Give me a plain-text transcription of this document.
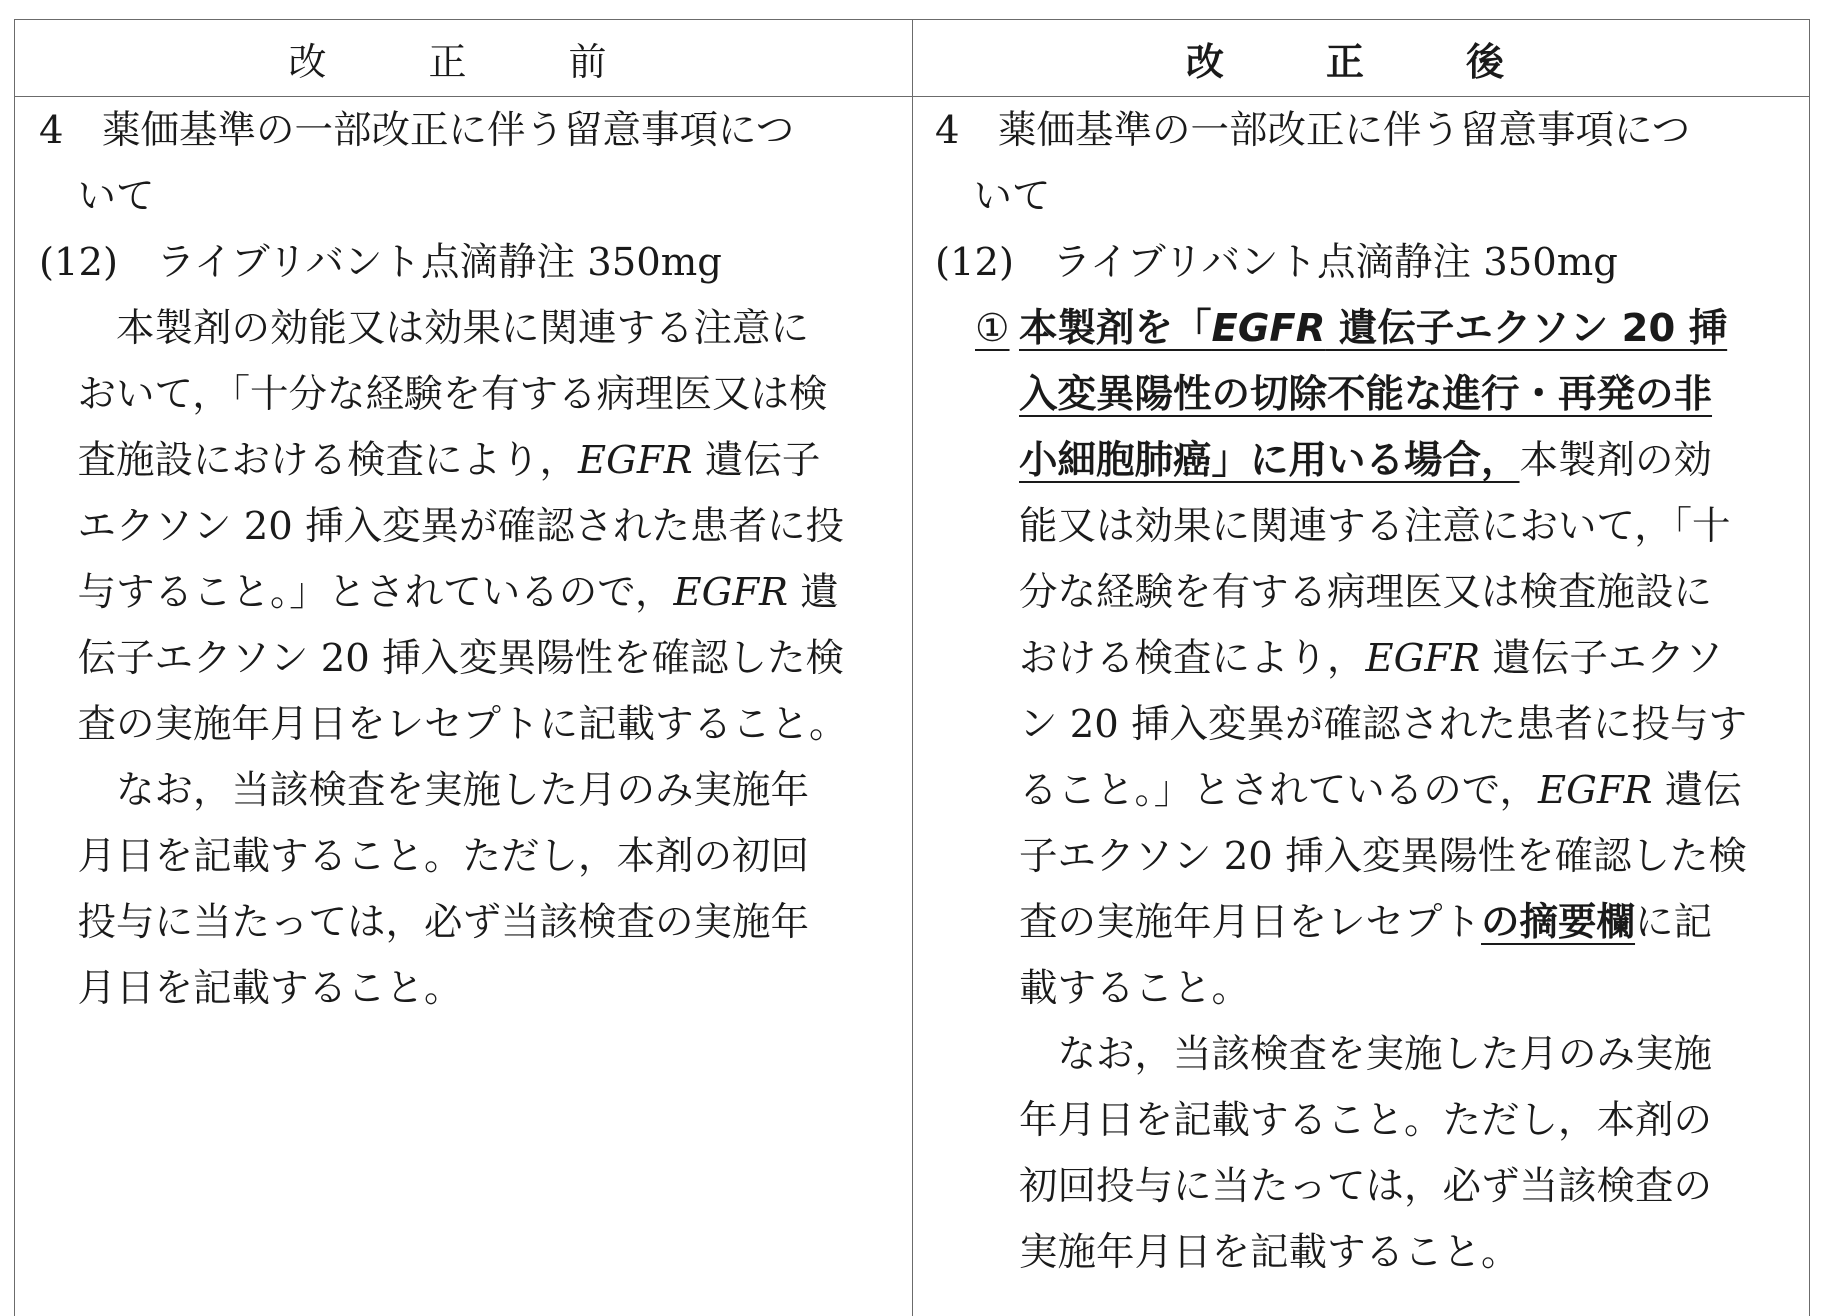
改　正　前	改　正　後
4　薬価基準の一部改正に伴う留意事項につ
　いて
(12)　ライブリバント点滴静注 350mg
　　本製剤の効能又は効果に関連する注意に
　おいて，「十分な経験を有する病理医又は検
　査施設における検査により，EGFR 遺伝子
　エクソン 20 挿入変異が確認された患者に投
　与すること。」とされているので，EGFR 遺
　伝子エクソン 20 挿入変異陽性を確認した検
　査の実施年月日をレセプトに記載すること。
　　なお，当該検査を実施した月のみ実施年
　月日を記載すること。ただし，本剤の初回
　投与に当たっては，必ず当該検査の実施年
　月日を記載すること。
4　薬価基準の一部改正に伴う留意事項につ
　いて
(12)　ライブリバント点滴静注 350mg
① 本製剤を「EGFR 遺伝子エクソン 20 挿
入変異陽性の切除不能な進行・再発の非
小細胞肺癌」に用いる場合，本製剤の効
能又は効果に関連する注意において，「十
分な経験を有する病理医又は検査施設に
おける検査により，EGFR 遺伝子エクソ
ン 20 挿入変異が確認された患者に投与す
ること。」とされているので，EGFR 遺伝
子エクソン 20 挿入変異陽性を確認した検
査の実施年月日をレセプトの摘要欄に記
載すること。
　なお，当該検査を実施した月のみ実施
年月日を記載すること。ただし，本剤の
初回投与に当たっては，必ず当該検査の
実施年月日を記載すること。
